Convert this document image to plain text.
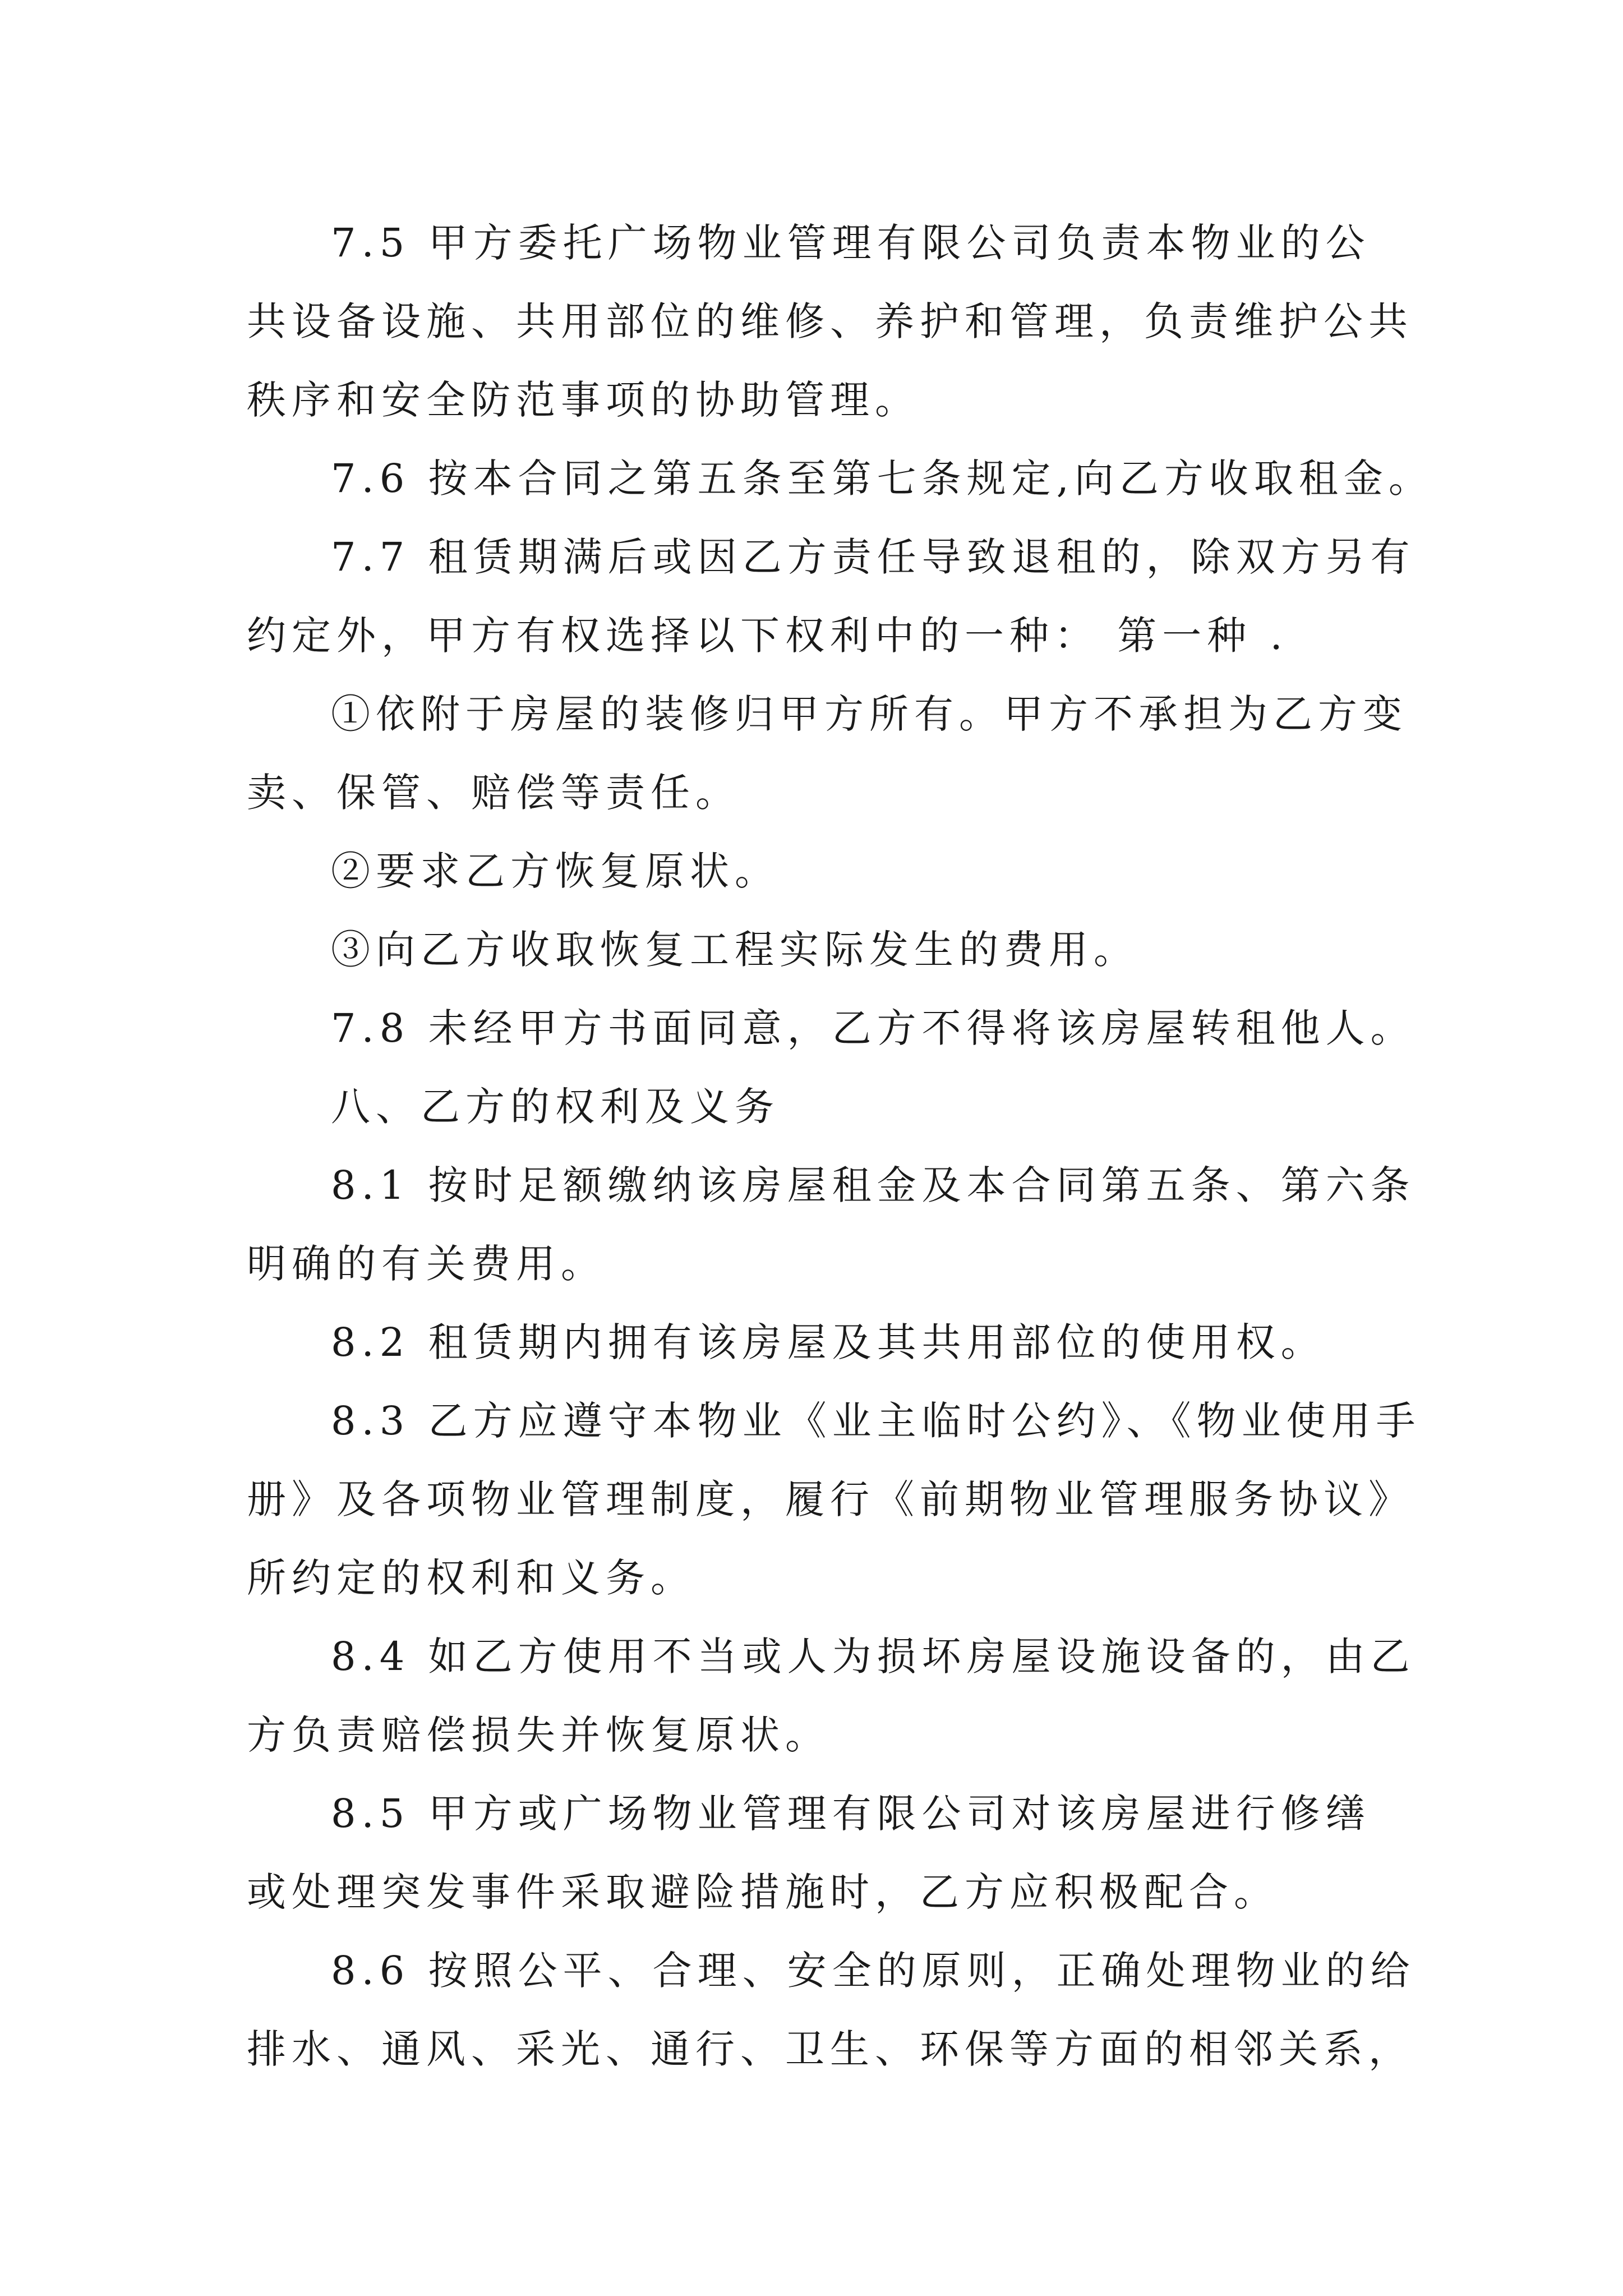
7.5 甲方委托广场物业管理有限公司负责本物业的公
共设备设施、共用部位的维修、养护和管理，负责维护公共
秩序和安全防范事项的协助管理。
7.6 按本合同之第五条至第七条规定,向乙方收取租金。
7.7 租赁期满后或因乙方责任导致退租的，除双方另有
约定外，甲方有权选择以下权利中的一种： 第一种 .
①依附于房屋的装修归甲方所有。甲方不承担为乙方变
卖、保管、赔偿等责任。
②要求乙方恢复原状。
③向乙方收取恢复工程实际发生的费用。
7.8 未经甲方书面同意，乙方不得将该房屋转租他人。
八、乙方的权利及义务
8.1 按时足额缴纳该房屋租金及本合同第五条、第六条
明确的有关费用。
8.2 租赁期内拥有该房屋及其共用部位的使用权。
8.3 乙方应遵守本物业《业主临时公约》、《物业使用手
册》及各项物业管理制度，履行《前期物业管理服务协议》
所约定的权利和义务。
8.4 如乙方使用不当或人为损坏房屋设施设备的，由乙
方负责赔偿损失并恢复原状。
8.5 甲方或广场物业管理有限公司对该房屋进行修缮
或处理突发事件采取避险措施时，乙方应积极配合。
8.6 按照公平、合理、安全的原则，正确处理物业的给
排水、通风、采光、通行、卫生、环保等方面的相邻关系，
